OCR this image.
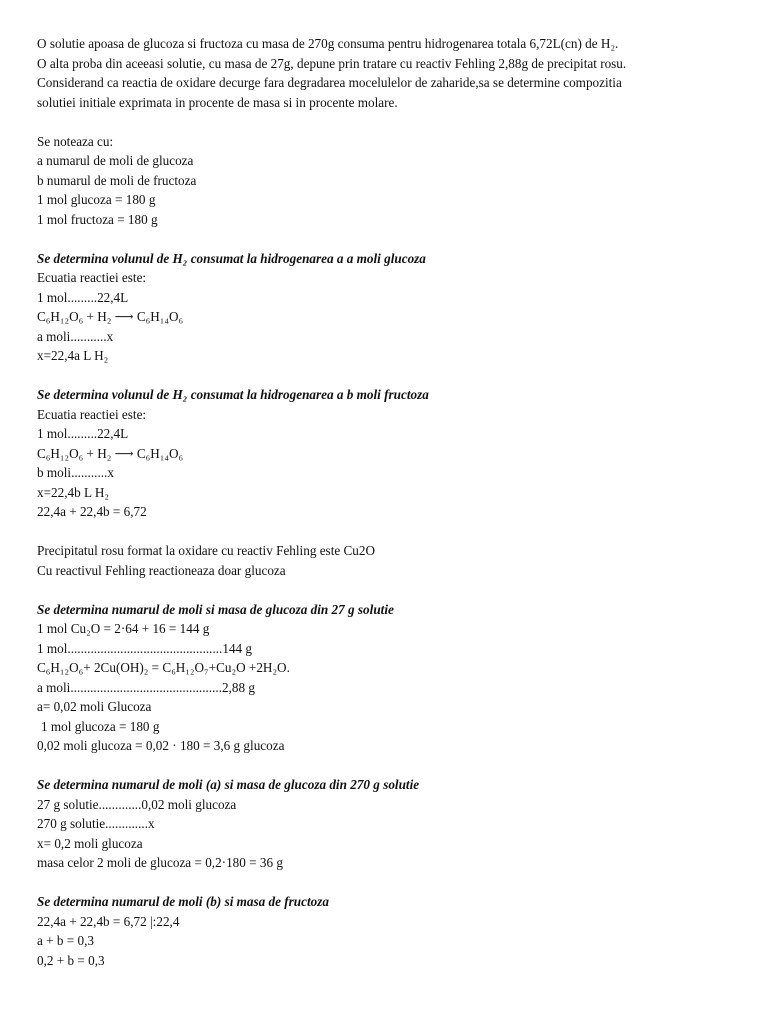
O solutie apoasa de glucoza si fructoza cu masa de 270g consuma pentru hidrogenarea totala 6,72L(cn) de H₂.
O alta proba din aceeasi solutie, cu masa de 27g, depune prin tratare cu reactiv Fehling 2,88g de precipitat rosu.
Considerand ca reactia de oxidare decurge fara degradarea mocelulelor de zaharide,sa se determine compozitia
solutiei initiale exprimata in procente de masa si in procente molare.
Se noteaza cu:
a numarul de moli de glucoza
b numarul de moli de fructoza
1 mol glucoza = 180 g
1 mol fructoza = 180 g
Se determina volunul de H₂ consumat la hidrogenarea a a moli glucoza
Ecuatia reactiei este:
1 mol.........22,4L
C₆H₁₂O₆ + H₂ ⟶ C₆H₁₄O₆
a moli...........x
x=22,4a L H₂
Se determina volunul de H₂ consumat la hidrogenarea a b moli fructoza
Ecuatia reactiei este:
1 mol.........22,4L
C₆H₁₂O₆ + H₂ ⟶ C₆H₁₄O₆
b moli...........x
x=22,4b L H₂
22,4a + 22,4b = 6,72
Precipitatul rosu format la oxidare cu reactiv Fehling este Cu2O
Cu reactivul Fehling reactioneaza doar glucoza
Se determina numarul de moli si masa de glucoza din 27 g solutie
1 mol Cu₂O = 2·64 + 16 = 144 g
1 mol...............................................144 g
C₆H₁₂O₆+ 2Cu(OH)₂ = C₆H₁₂O₇+Cu₂O +2H₂O.
a moli..............................................2,88 g
a= 0,02 moli Glucoza
1 mol glucoza = 180 g
0,02 moli glucoza = 0,02 · 180 = 3,6 g glucoza
Se determina numarul de moli (a) si masa de glucoza din 270 g solutie
27 g solutie.............0,02 moli glucoza
270 g solutie.............x
x= 0,2 moli glucoza
masa celor 2 moli de glucoza = 0,2·180 = 36 g
Se determina numarul de moli (b) si masa de fructoza
22,4a + 22,4b = 6,72 |:22,4
a + b = 0,3
0,2 + b = 0,3
